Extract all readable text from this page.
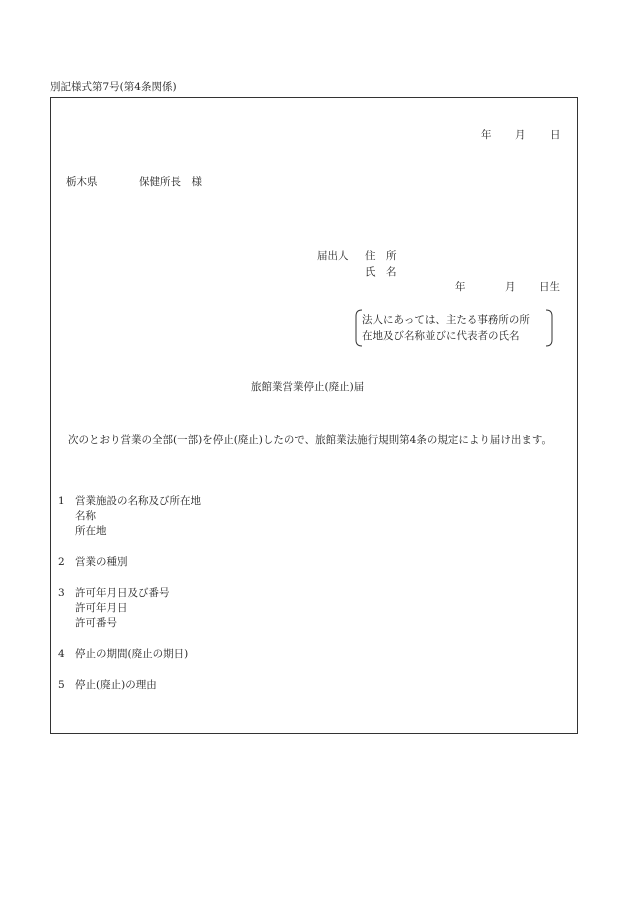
別記様式第7号(第4条関係)
年 月 日
栃木県	保健所長　様
届出人 住　所
氏　名
年	月 日生
法人にあっては、主たる事務所の所
在地及び名称並びに代表者の氏名
旅館業営業停止(廃止)届
次のとおり営業の全部(一部)を停止(廃止)したので、旅館業法施行規則第4条の規定により届け出ます。
1 営業施設の名称及び所在地
名称
所在地
2 営業の種別
3 許可年月日及び番号
許可年月日
許可番号
4 停止の期間(廃止の期日)
5 停止(廃止)の理由
